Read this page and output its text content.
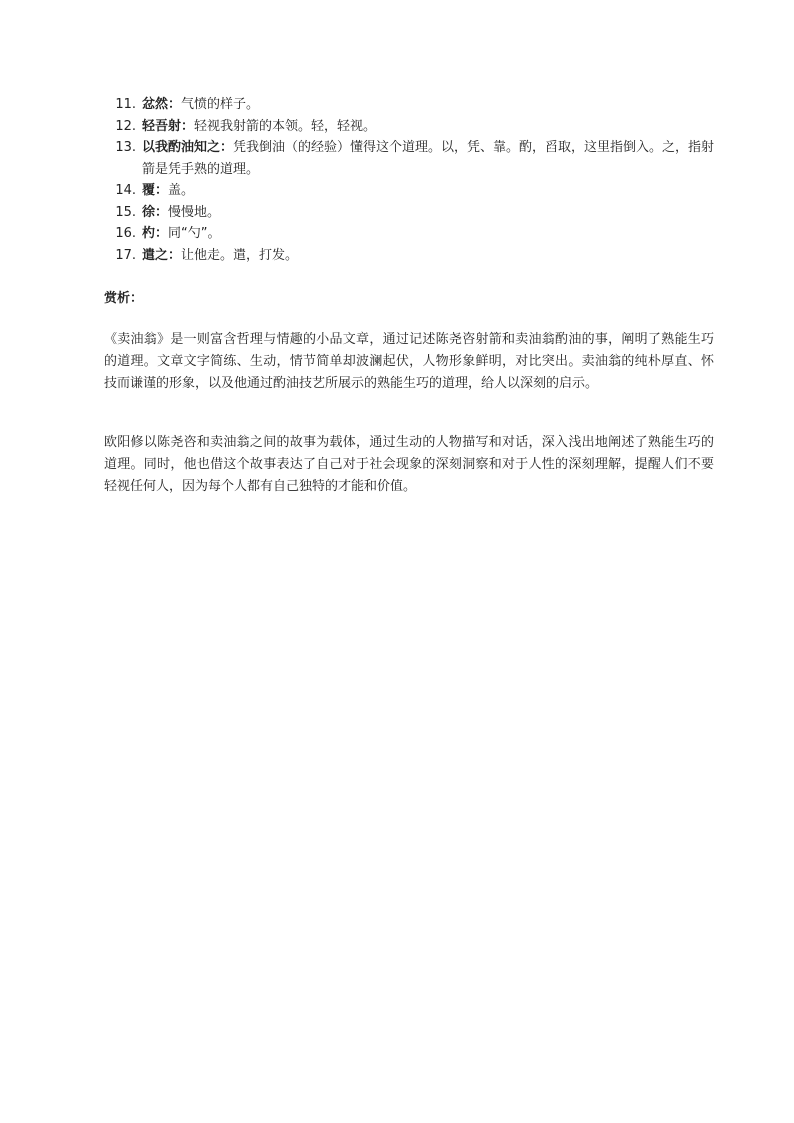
11. 忿然：气愤的样子。
12. 轻吾射：轻视我射箭的本领。轻，轻视。
13. 以我酌油知之：凭我倒油（的经验）懂得这个道理。以，凭、靠。酌，舀取，这里指倒入。之，指射箭是凭手熟的道理。
14. 覆：盖。
15. 徐：慢慢地。
16. 杓：同“勺”。
17. 遣之：让他走。遣，打发。
赏析：

《卖油翁》是一则富含哲理与情趣的小品文章，通过记述陈尧咨射箭和卖油翁酌油的事，阐明了熟能生巧的道理。文章文字简练、生动，情节简单却波澜起伏，人物形象鲜明，对比突出。卖油翁的纯朴厚直、怀技而谦谨的形象，以及他通过酌油技艺所展示的熟能生巧的道理，给人以深刻的启示。

欧阳修以陈尧咨和卖油翁之间的故事为载体，通过生动的人物描写和对话，深入浅出地阐述了熟能生巧的道理。同时，他也借这个故事表达了自己对于社会现象的深刻洞察和对于人性的深刻理解，提醒人们不要轻视任何人，因为每个人都有自己独特的才能和价值。
